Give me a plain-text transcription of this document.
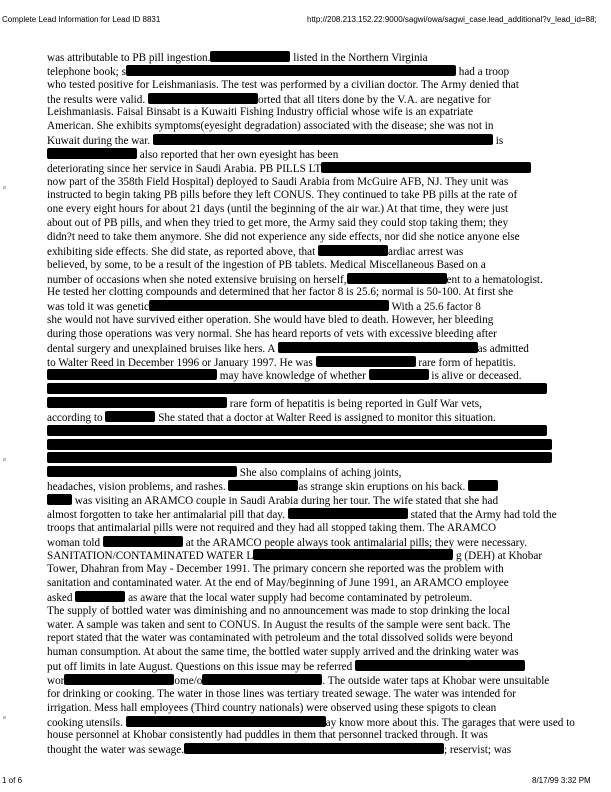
Complete Lead Information for Lead ID 8831	http://208.213.152.22:9000/sagwi/owa/sagwi_case.lead_additional?v_lead_id=88;
was attributable to PB pill ingestion.	listed in the Northern Virginia
telephone book; s	had a troop
who tested positive for Leishmaniasis. The test was performed by a civilian doctor. The Army denied that
the results were valid.	orted that all titers done by the V.A. are negative for
Leishmaniasis. Faisal Binsabt is a Kuwaiti Fishing Industry official whose wife is an expatriate
American. She exhibits symptoms(eyesight degradation) associated with the disease; she was not in
Kuwait during the war.	is
also reported that her own eyesight has been
deteriorating since her service in Saudi Arabia. PB PILLS LT
now part of the 358th Field Hospital) deployed to Saudi Arabia from McGuire AFB, NJ. They unit was
instructed to begin taking PB pills before they left CONUS. They continued to take PB pills at the rate of
one every eight hours for about 21 days (until the beginning of the air war.) At that time, they were just
about out of PB pills, and when they tried to get more, the Army said they could stop taking them; they
didn?t need to take them anymore. She did not experience any side effects, nor did she notice anyone else
exhibiting side effects. She did state, as reported above, that	ardiac arrest was
believed, by some, to be a result of the ingestion of PB tablets. Medical Miscellaneous Based on a
number of occasions when she noted extensive bruising on herself,	ent to a hematologist.
He tested her clotting compounds and determined that her factor 8 is 25.6; normal is 50-100. At first she
was told it was genetic	With a 25.6 factor 8
she would not have survived either operation. She would have bled to death. However, her bleeding
during those operations was very normal. She has heard reports of vets with excessive bleeding after
dental surgery and unexplained bruises like hers. A	as admitted
to Walter Reed in December 1996 or January 1997. He was	rare form of hepatitis.
may have knowledge of whether	is alive or deceased.
rare form of hepatitis is being reported in Gulf War vets,
according to	She stated that a doctor at Walter Reed is assigned to monitor this situation.
She also complains of aching joints,
headaches, vision problems, and rashes.	as strange skin eruptions on his back.
was visiting an ARAMCO couple in Saudi Arabia during her tour. The wife stated that she had
almost forgotten to take her antimalarial pill that day.	stated that the Army had told the
troops that antimalarial pills were not required and they had all stopped taking them. The ARAMCO
woman told	at the ARAMCO people always took antimalarial pills; they were necessary.
SANITATION/CONTAMINATED WATER L	g (DEH) at Khobar
Tower, Dhahran from May - December 1991. The primary concern she reported was the problem with
sanitation and contaminated water. At the end of May/beginning of June 1991, an ARAMCO employee
asked	as aware that the local water supply had become contaminated by petroleum.
The supply of bottled water was diminishing and no announcement was made to stop drinking the local
water. A sample was taken and sent to CONUS. In August the results of the sample were sent back. The
report stated that the water was contaminated with petroleum and the total dissolved solids were beyond
human consumption. At about the same time, the bottled water supply arrived and the drinking water was
put off limits in late August. Questions on this issue may be referred
wor	ome/o	. The outside water taps at Khobar were unsuitable
for drinking or cooking. The water in those lines was tertiary treated sewage. The water was intended for
irrigation. Mess hall employees (Third country nationals) were observed using these spigots to clean
cooking utensils.	ay know more about this. The garages that were used to
house personnel at Khobar consistently had puddles in them that personnel tracked through. It was
thought the water was sewage.	; reservist; was
1 of 6	8/17/99 3:32 PM
